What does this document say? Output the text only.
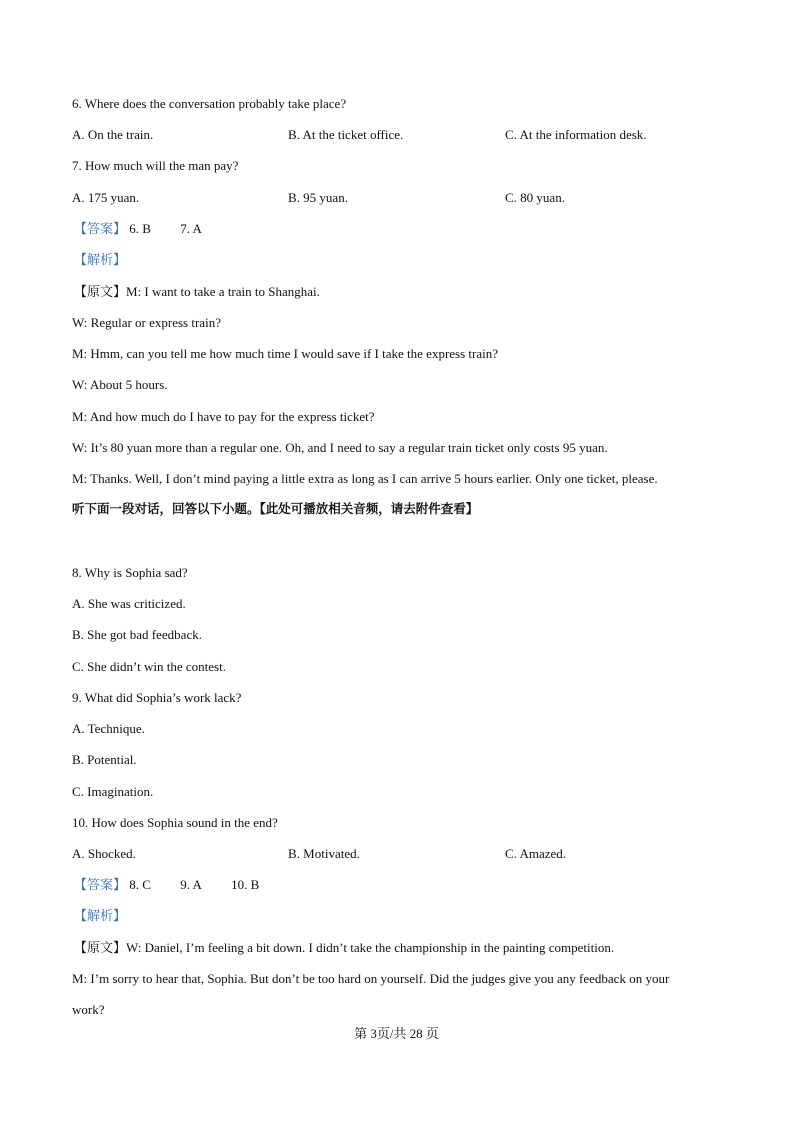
6. Where does the conversation probably take place?
A. On the train.	B. At the ticket office.	C. At the information desk.
7. How much will the man pay?
A. 175 yuan.	B. 95 yuan.	C. 80 yuan.
【答案】 6. B 7. A
【解析】
【原文】M: I want to take a train to Shanghai.
W: Regular or express train?
M: Hmm, can you tell me how much time I would save if I take the express train?
W: About 5 hours.
M: And how much do I have to pay for the express ticket?
W: It’s 80 yuan more than a regular one. Oh, and I need to say a regular train ticket only costs 95 yuan.
M: Thanks. Well, I don’t mind paying a little extra as long as I can arrive 5 hours earlier. Only one ticket, please.
听下面一段对话，回答以下小题。【此处可播放相关音频，请去附件查看】
8. Why is Sophia sad?
A. She was criticized.
B. She got bad feedback.
C. She didn’t win the contest.
9. What did Sophia’s work lack?
A. Technique.
B. Potential.
C. Imagination.
10. How does Sophia sound in the end?
A. Shocked.	B. Motivated.	C. Amazed.
【答案】 8. C 9. A 10. B
【解析】
【原文】W: Daniel, I’m feeling a bit down. I didn’t take the championship in the painting competition.
M: I’m sorry to hear that, Sophia. But don’t be too hard on yourself. Did the judges give you any feedback on your
work?
第 3页/共 28 页
